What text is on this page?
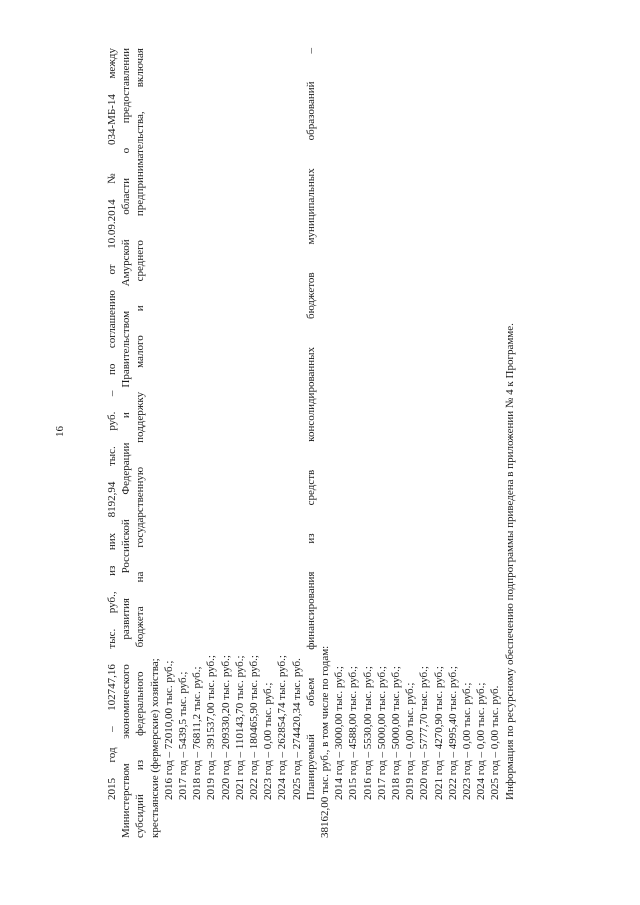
16	2015 год – 102747,16 тыс. руб., из них 8192,94 тыс. руб. – по соглашению от 10.09.2014 № 034-МБ-14 между Министерством экономического развития Российской Федерации и Правительством Амурской области о предоставлении субсидий из федерального бюджета на государственную поддержку малого и среднего предпринимательства, включая крестьянские (фермерские) хозяйства; 2016 год – 72010,00 тыс. руб.; 2017 год – 5439,5 тыс. руб.; 2018 год – 76811,2 тыс. руб.; 2019 год – 391537,00 тыс. руб.; 2020 год – 209330,20 тыс. руб.; 2021 год – 110143,70 тыс. руб.; 2022 год – 180465,90 тыс. руб.; 2023 год – 0,00 тыс. руб.; 2024 год – 262854,74 тыс. руб.; 2025 год – 274420,34 тыс. руб. Планируемый объем финансирования из средств консолидированных бюджетов муниципальных образований – 38162,00 тыс. руб., в том числе по годам: 2014 год – 3000,00 тыс. руб.; 2015 год – 4588,00 тыс. руб.; 2016 год – 5530,00 тыс. руб.; 2017 год – 5000,00 тыс. руб.; 2018 год – 5000,00 тыс. руб.; 2019 год – 0,00 тыс. руб.; 2020 год – 5777,70 тыс. руб.; 2021 год – 4270,90 тыс. руб.; 2022 год – 4995,40 тыс. руб.; 2023 год – 0,00 тыс. руб.; 2024 год – 0,00 тыс. руб.; 2025 год – 0,00 тыс. руб. Информация по ресурсному обеспечению подпрограммы приведена в приложении № 4 к Программе.
